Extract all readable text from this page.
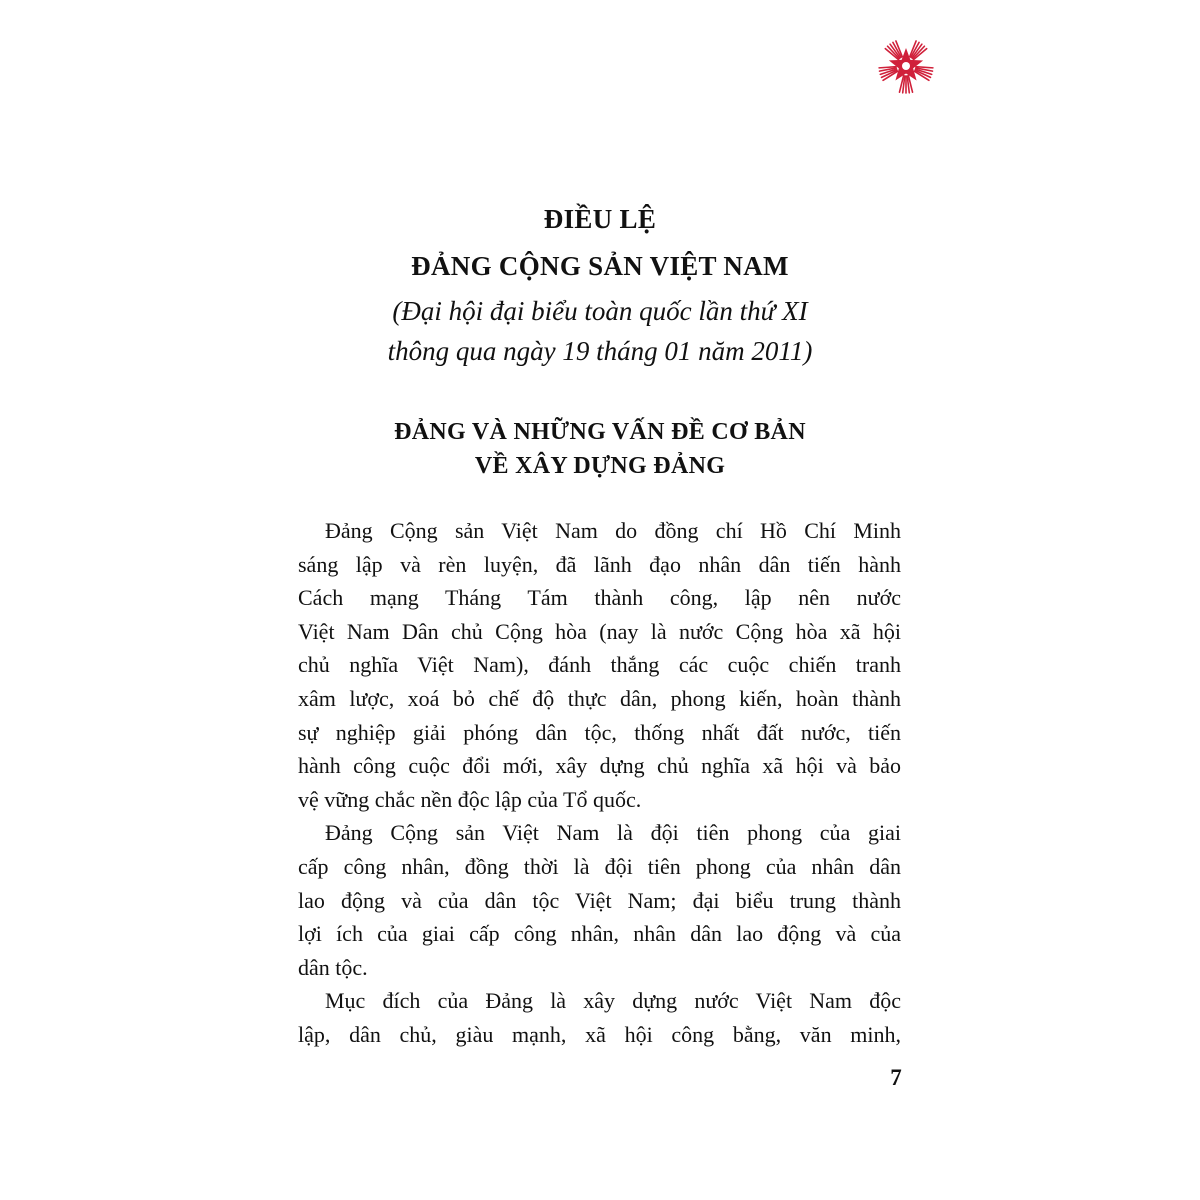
ĐIỀU LỆ
ĐẢNG CỘNG SẢN VIỆT NAM

(Đại hội đại biểu toàn quốc lần thứ XI

thông qua ngày 19 tháng 01 năm 2011)

ĐẢNG VÀ NHỮNG VẤN ĐỀ CƠ BẢN
VỀ XÂY DỰNG ĐẢNG
Đảng Cộng sản Việt Nam do đồng chí Hồ Chí Minh
sáng lập và rèn luyện, đã lãnh đạo nhân dân tiến hành
Cách mạng Tháng Tám thành công, lập nên nước
Việt Nam Dân chủ Cộng hòa (nay là nước Cộng hòa xã hội
chủ nghĩa Việt Nam), đánh thắng các cuộc chiến tranh
xâm lược, xoá bỏ chế độ thực dân, phong kiến, hoàn thành
sự nghiệp giải phóng dân tộc, thống nhất đất nước, tiến
hành công cuộc đổi mới, xây dựng chủ nghĩa xã hội và bảo
vệ vững chắc nền độc lập của Tổ quốc.
Đảng Cộng sản Việt Nam là đội tiên phong của giai
cấp công nhân, đồng thời là đội tiên phong của nhân dân
lao động và của dân tộc Việt Nam; đại biểu trung thành
lợi ích của giai cấp công nhân, nhân dân lao động và của
dân tộc.
Mục đích của Đảng là xây dựng nước Việt Nam độc
lập, dân chủ, giàu mạnh, xã hội công bằng, văn minh,
7
